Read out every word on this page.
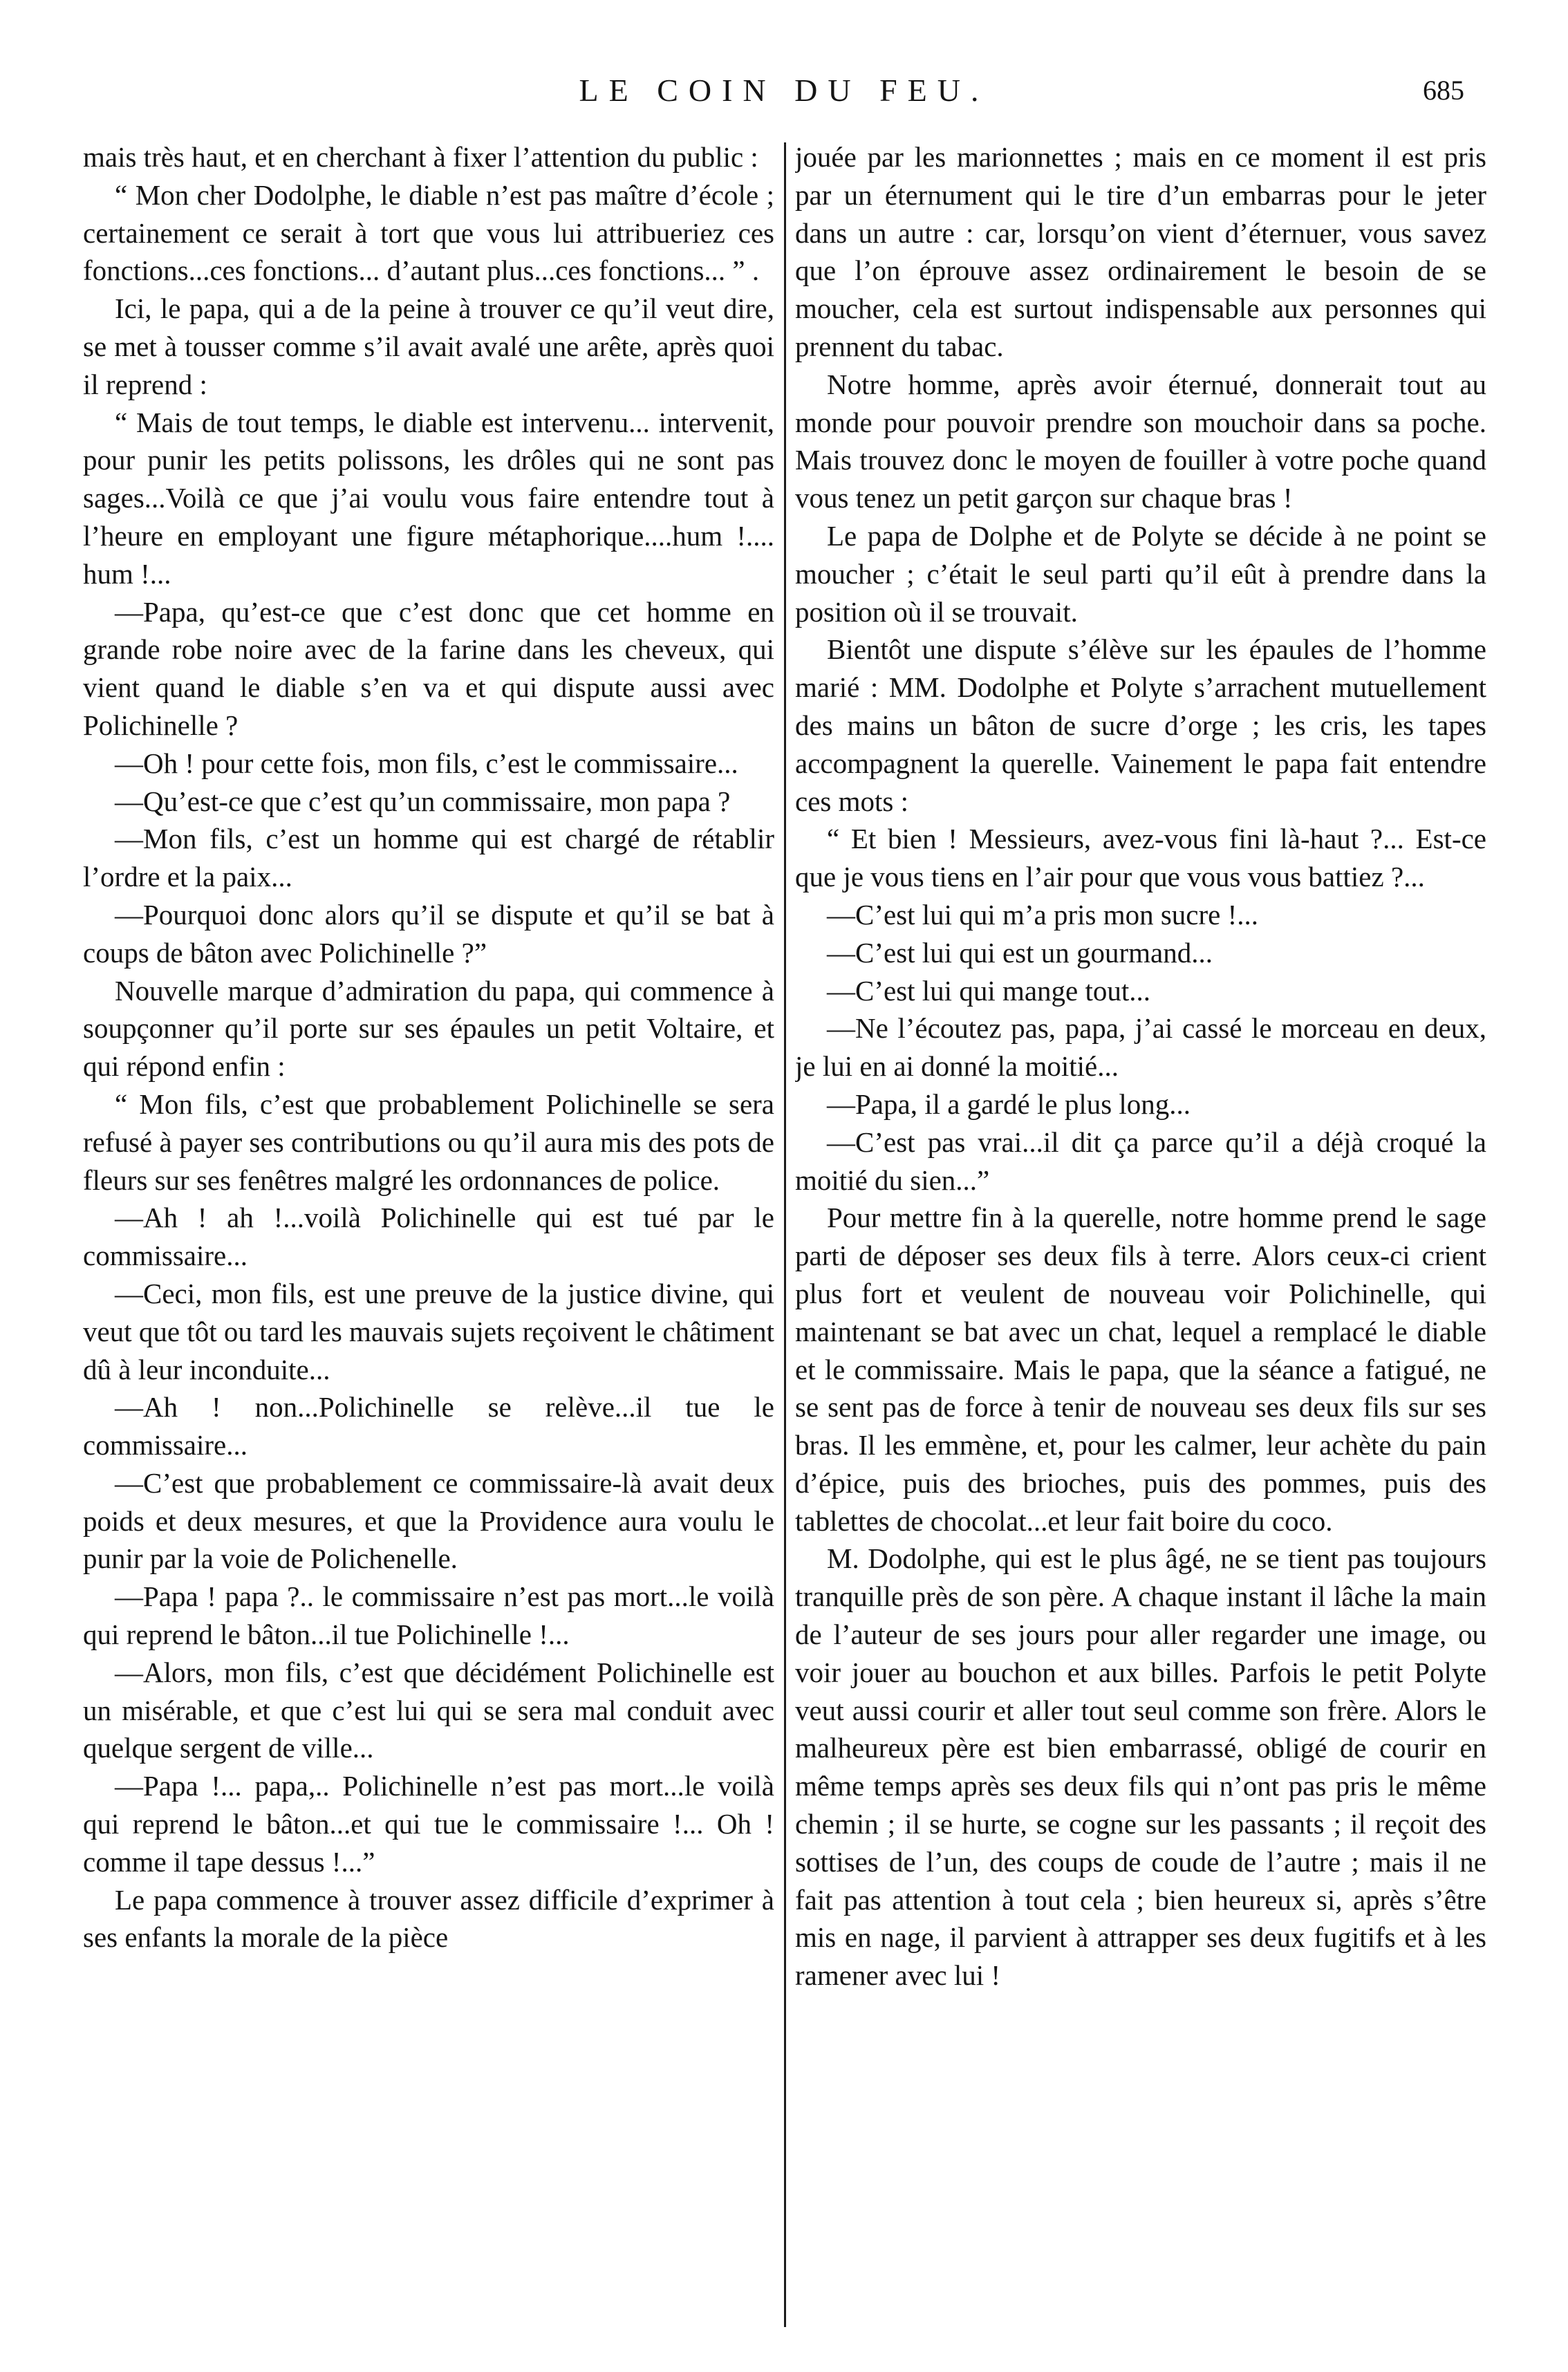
LE COIN DU FEU.	685

mais très haut, et en cherchant à fixer l’attention du public :

“ Mon cher Dodolphe, le diable n’est pas maître d’école ; certainement ce serait à tort que vous lui attribueriez ces fonctions...ces fonctions... d’autant plus...ces fonctions... ” .

Ici, le papa, qui a de la peine à trouver ce qu’il veut dire, se met à tousser comme s’il avait avalé une arête, après quoi il reprend :

“ Mais de tout temps, le diable est intervenu... intervenit, pour punir les petits polissons, les drôles qui ne sont pas sages...Voilà ce que j’ai voulu vous faire entendre tout à l’heure en employant une figure métaphorique....hum !.... hum !...

—Papa, qu’est-ce que c’est donc que cet homme en grande robe noire avec de la farine dans les cheveux, qui vient quand le diable s’en va et qui dispute aussi avec Polichinelle ?

—Oh ! pour cette fois, mon fils, c’est le commissaire...

—Qu’est-ce que c’est qu’un commissaire, mon papa ?

—Mon fils, c’est un homme qui est chargé de rétablir l’ordre et la paix...

—Pourquoi donc alors qu’il se dispute et qu’il se bat à coups de bâton avec Polichinelle ?”

Nouvelle marque d’admiration du papa, qui commence à soupçonner qu’il porte sur ses épaules un petit Voltaire, et qui répond enfin :

“ Mon fils, c’est que probablement Polichinelle se sera refusé à payer ses contributions ou qu’il aura mis des pots de fleurs sur ses fenêtres malgré les ordonnances de police.

—Ah ! ah !...voilà Polichinelle qui est tué par le commissaire...

—Ceci, mon fils, est une preuve de la justice divine, qui veut que tôt ou tard les mauvais sujets reçoivent le châtiment dû à leur inconduite...

—Ah ! non...Polichinelle se relève...il tue le commissaire...

—C’est que probablement ce commissaire-là avait deux poids et deux mesures, et que la Providence aura voulu le punir par la voie de Polichenelle.

—Papa ! papa ?.. le commissaire n’est pas mort...le voilà qui reprend le bâton...il tue Polichinelle !...

—Alors, mon fils, c’est que décidément Polichinelle est un misérable, et que c’est lui qui se sera mal conduit avec quelque sergent de ville...

—Papa !... papa,.. Polichinelle n’est pas mort...le voilà qui reprend le bâton...et qui tue le commissaire !... Oh ! comme il tape dessus !...”

Le papa commence à trouver assez difficile d’exprimer à ses enfants la morale de la pièce

jouée par les marionnettes ; mais en ce moment il est pris par un éternument qui le tire d’un embarras pour le jeter dans un autre : car, lorsqu’on vient d’éternuer, vous savez que l’on éprouve assez ordinairement le besoin de se moucher, cela est surtout indispensable aux personnes qui prennent du tabac.

Notre homme, après avoir éternué, donnerait tout au monde pour pouvoir prendre son mouchoir dans sa poche. Mais trouvez donc le moyen de fouiller à votre poche quand vous tenez un petit garçon sur chaque bras !

Le papa de Dolphe et de Polyte se décide à ne point se moucher ; c’était le seul parti qu’il eût à prendre dans la position où il se trouvait.

Bientôt une dispute s’élève sur les épaules de l’homme marié : MM. Dodolphe et Polyte s’arrachent mutuellement des mains un bâton de sucre d’orge ; les cris, les tapes accompagnent la querelle. Vainement le papa fait entendre ces mots :

“ Et bien ! Messieurs, avez-vous fini là-haut ?... Est-ce que je vous tiens en l’air pour que vous vous battiez ?...

—C’est lui qui m’a pris mon sucre !...

—C’est lui qui est un gourmand...

—C’est lui qui mange tout...

—Ne l’écoutez pas, papa, j’ai cassé le morceau en deux, je lui en ai donné la moitié...

—Papa, il a gardé le plus long...

—C’est pas vrai...il dit ça parce qu’il a déjà croqué la moitié du sien...”

Pour mettre fin à la querelle, notre homme prend le sage parti de déposer ses deux fils à terre. Alors ceux-ci crient plus fort et veulent de nouveau voir Polichinelle, qui maintenant se bat avec un chat, lequel a remplacé le diable et le commissaire. Mais le papa, que la séance a fatigué, ne se sent pas de force à tenir de nouveau ses deux fils sur ses bras. Il les emmène, et, pour les calmer, leur achète du pain d’épice, puis des brioches, puis des pommes, puis des tablettes de chocolat...et leur fait boire du coco.

M. Dodolphe, qui est le plus âgé, ne se tient pas toujours tranquille près de son père. A chaque instant il lâche la main de l’auteur de ses jours pour aller regarder une image, ou voir jouer au bouchon et aux billes. Parfois le petit Polyte veut aussi courir et aller tout seul comme son frère. Alors le malheureux père est bien embarrassé, obligé de courir en même temps après ses deux fils qui n’ont pas pris le même chemin ; il se hurte, se cogne sur les passants ; il reçoit des sottises de l’un, des coups de coude de l’autre ; mais il ne fait pas attention à tout cela ; bien heureux si, après s’être mis en nage, il parvient à attrapper ses deux fugitifs et à les ramener avec lui !
